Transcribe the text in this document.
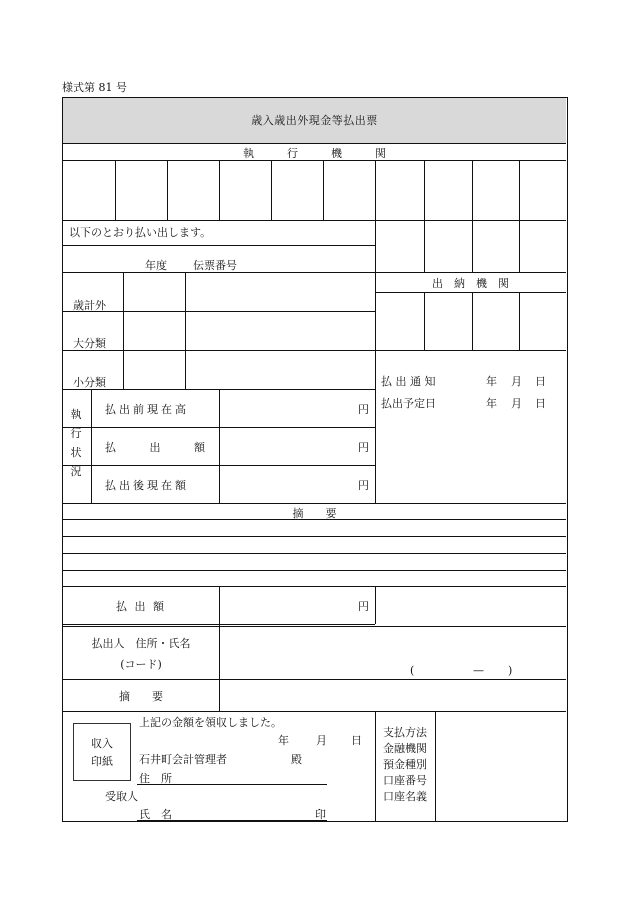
様式第 81 号
歳入歳出外現金等払出票
執　　　行　　　機　　　関
以下のとおり払い出します。
年度 伝票番号
出　納　機　関
歳計外
大分類
小分類	払 出 通 知	年 月 日
払出予定日	年 月 日
執行状況
払出前現在高	円
払　出　額	円
払出後現在額	円
摘　　要
払 出 額	円
払出人　住所・氏名
(コード)	(	— )
摘　　要
収入
印紙
上記の金額を領収しました。
年 月 日
石井町会計管理者	殿
住　所
受取人
氏　名	印
支払方法
金融機関
預金種別
口座番号
口座名義
